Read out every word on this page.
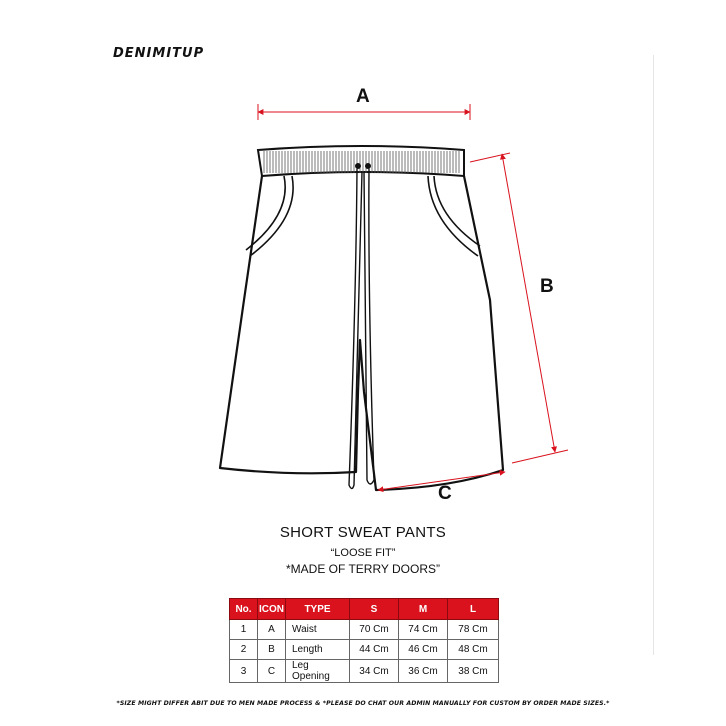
DENIMITUP
A
B
C
SHORT SWEAT PANTS
“LOOSE FIT”
*MADE OF TERRY DOORS”
No.	ICON	TYPE	S	M	L
1	A	Waist	70 Cm	74 Cm	78 Cm
2	B	Length	44 Cm	46 Cm	48 Cm
3	C	Leg Opening	34 Cm	36 Cm	38 Cm
*SIZE MIGHT DIFFER ABIT DUE TO MEN MADE PROCESS & *PLEASE DO CHAT OUR ADMIN MANUALLY FOR CUSTOM BY ORDER MADE SIZES.*
